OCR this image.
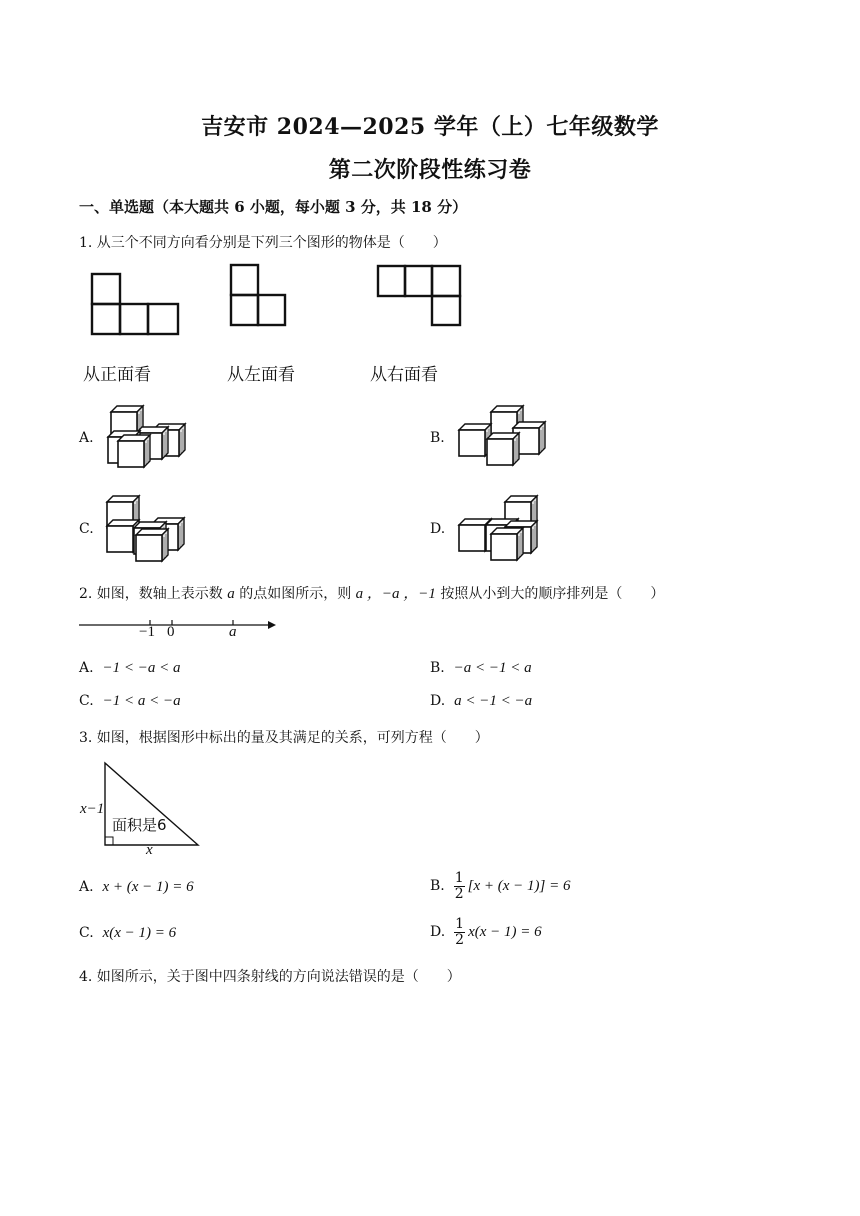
吉安市 2024—2025 学年（上）七年级数学
第二次阶段性练习卷
一、单选题（本大题共 6 小题，每小题 3 分，共 18 分）
1. 从三个不同方向看分别是下列三个图形的物体是（　　）
从正面看	从左面看	从右面看
A.	B.
C.	D.
2. 如图，数轴上表示数 a 的点如图所示，则 a ，−a ，−1 按照从小到大的顺序排列是（　　）
−1 0	a
A. −1 < −a < a	B. −a < −1 < a
C. −1 < a < −a	D. a < −1 < −a
3. 如图，根据图形中标出的量及其满足的关系，可列方程（　　）
x−1
面积是6
x
A. x + (x − 1) = 6	B.
$\frac{1}{2} [x + (x - 1)] = 6$
C. x(x − 1) = 6	D.
$\frac{1}{2} x(x - 1) = 6$
4. 如图所示，关于图中四条射线的方向说法错误的是（　　）
